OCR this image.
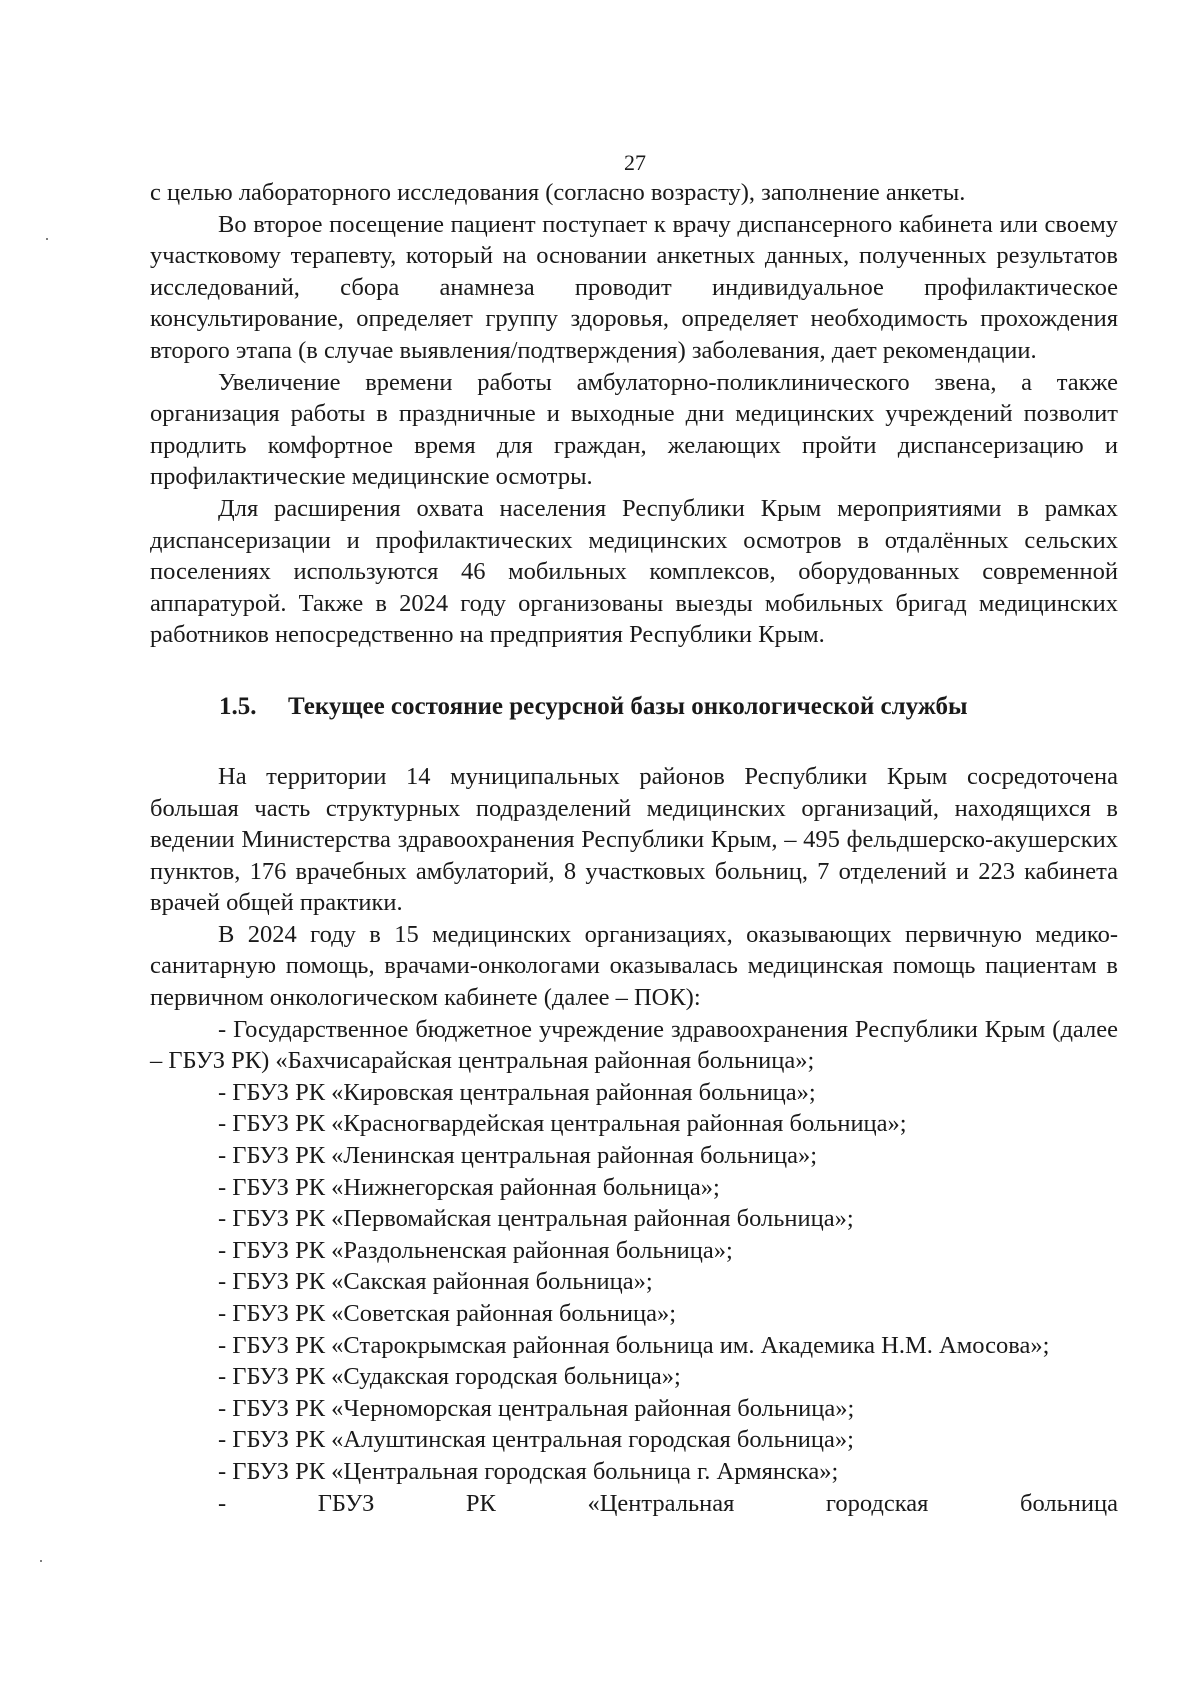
27

с целью лабораторного исследования (согласно возрасту), заполнение анкеты.

Во второе посещение пациент поступает к врачу диспансерного кабинета или своему участковому терапевту, который на основании анкетных данных, полученных результатов исследований, сбора анамнеза проводит индивидуальное профилактическое консультирование, определяет группу здоровья, определяет необходимость прохождения второго этапа (в случае выявления/подтверждения) заболевания, дает рекомендации.

Увеличение времени работы амбулаторно-поликлинического звена, а также организация работы в праздничные и выходные дни медицинских учреждений позволит продлить комфортное время для граждан, желающих пройти диспансеризацию и профилактические медицинские осмотры.

Для расширения охвата населения Республики Крым мероприятиями в рамках диспансеризации и профилактических медицинских осмотров в отдалённых сельских поселениях используются 46 мобильных комплексов, оборудованных современной аппаратурой. Также в 2024 году организованы выезды мобильных бригад медицинских работников непосредственно на предприятия Республики Крым.

1.5. Текущее состояние ресурсной базы онкологической службы

На территории 14 муниципальных районов Республики Крым сосредоточена большая часть структурных подразделений медицинских организаций, находящихся в ведении Министерства здравоохранения Республики Крым, – 495 фельдшерско-акушерских пунктов, 176 врачебных амбулаторий, 8 участковых больниц, 7 отделений и 223 кабинета врачей общей практики.

В 2024 году в 15 медицинских организациях, оказывающих первичную медико-санитарную помощь, врачами-онкологами оказывалась медицинская помощь пациентам в первичном онкологическом кабинете (далее – ПОК):

- Государственное бюджетное учреждение здравоохранения Республики Крым (далее – ГБУЗ РК) «Бахчисарайская центральная районная больница»;

- ГБУЗ РК «Кировская центральная районная больница»;

- ГБУЗ РК «Красногвардейская центральная районная больница»;

- ГБУЗ РК «Ленинская центральная районная больница»;

- ГБУЗ РК «Нижнегорская районная больница»;

- ГБУЗ РК «Первомайская центральная районная больница»;

- ГБУЗ РК «Раздольненская районная больница»;

- ГБУЗ РК «Сакская районная больница»;

- ГБУЗ РК «Советская районная больница»;

- ГБУЗ РК «Старокрымская районная больница им. Академика Н.М. Амосова»;

- ГБУЗ РК «Судакская городская больница»;

- ГБУЗ РК «Черноморская центральная районная больница»;

- ГБУЗ РК «Алуштинская центральная городская больница»;

- ГБУЗ РК «Центральная городская больница г. Армянска»;

- ГБУЗ РК «Центральная городская больница
